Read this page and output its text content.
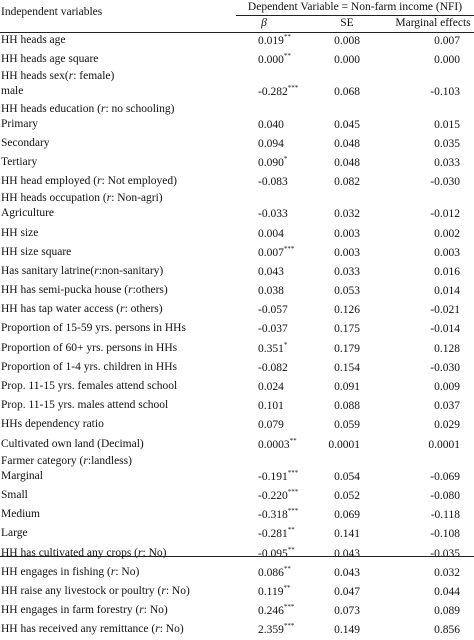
Independent variables	Dependent Variable = Non-farm income (NFI)
β	SE	Marginal effects
HH heads age	0.019**	0.008	0.007
HH heads age square	0.000**	0.000	0.000
HH heads sex(r: female)
male	-0.282***	0.068	-0.103
HH heads education (r: no schooling)
Primary	0.040	0.045	0.015
Secondary	0.094	0.048	0.035
Tertiary	0.090*	0.048	0.033
HH head employed (r: Not employed)	-0.083	0.082	-0.030
HH heads occupation (r: Non-agri)
Agriculture	-0.033	0.032	-0.012
HH size	0.004	0.003	0.002
HH size square	0.007***	0.003	0.003
Has sanitary latrine(r:non-sanitary)	0.043	0.033	0.016
HH has semi-pucka house (r:others)	0.038	0.053	0.014
HH has tap water access (r: others)	-0.057	0.126	-0.021
Proportion of 15-59 yrs. persons in HHs	-0.037	0.175	-0.014
Proportion of 60+ yrs. persons in HHs	0.351*	0.179	0.128
Proportion of 1-4 yrs. children in HHs	-0.082	0.154	-0.030
Prop. 11-15 yrs. females attend school	0.024	0.091	0.009
Prop. 11-15 yrs. males attend school	0.101	0.088	0.037
HHs dependency ratio	0.079	0.059	0.029
Cultivated own land (Decimal)	0.0003**	0.0001	0.0001
Farmer category (r:landless)
Marginal	-0.191***	0.054	-0.069
Small	-0.220***	0.052	-0.080
Medium	-0.318***	0.069	-0.118
Large	-0.281**	0.141	-0.108
HH has cultivated any crops (r: No)	-0.095**	0.043	-0.035
HH engages in fishing (r: No)	0.086**	0.043	0.032
HH raise any livestock or poultry (r: No)	0.119**	0.047	0.044
HH engages in farm forestry (r: No)	0.246***	0.073	0.089
HH has received any remittance (r: No)	2.359***	0.149	0.856
